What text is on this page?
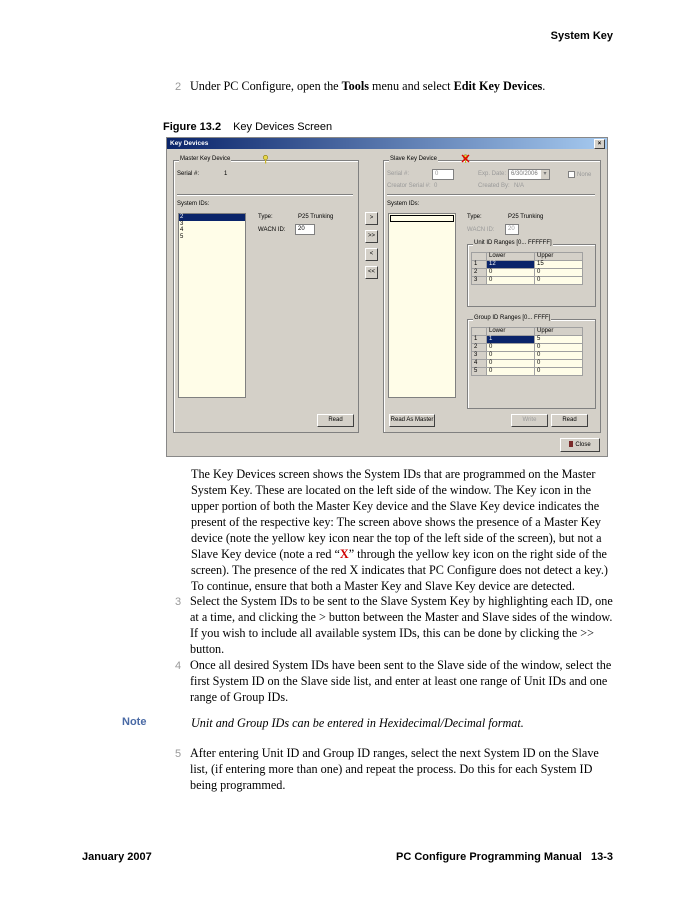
System Key
2 Under PC Configure, open the Tools menu and select Edit Key Devices.
Figure 13.2 Key Devices Screen
Key Devices	×
Master Key Device
Serial #:	1
System IDs:
2
3
4
5
Type:	P25 Trunking
WACN ID:	20
Read
>
>>
<
<<
Slave Key Device
Serial #:	0	Exp. Date: 6/30/2006 ▾	None
Creator Serial #: 0	Created By: N/A
System IDs:
Type:	P25 Trunking
WACN ID:	20
Unit ID Ranges [0... FFFFFF]
	Lower	Upper
1	12	15
2	0	0
3	0	0
Group ID Ranges [0... FFFF]
	Lower	Upper
1	1	5
2	0	0
3	0	0
4	0	0
5	0	0
Read As Master	Write	Read
Close
The Key Devices screen shows the System IDs that are programmed on the Master System Key. These are located on the left side of the window. The Key icon in the upper portion of both the Master Key device and the Slave Key device indicates the present of the respective key: The screen above shows the presence of a Master Key device (note the yellow key icon near the top of the left side of the screen), but not a Slave Key device (note a red “X” through the yellow key icon on the right side of the screen). The presence of the red X indicates that PC Configure does not detect a key.) To continue, ensure that both a Master Key and Slave Key device are detected.
3 Select the System IDs to be sent to the Slave System Key by highlighting each ID, one at a time, and clicking the > button between the Master and Slave sides of the window. If you wish to include all available system IDs, this can be done by clicking the >> button.
4 Once all desired System IDs have been sent to the Slave side of the window, select the first System ID on the Slave side list, and enter at least one range of Unit IDs and one range of Group IDs.
Note	Unit and Group IDs can be entered in Hexidecimal/Decimal format.
5 After entering Unit ID and Group ID ranges, select the next System ID on the Slave list, (if entering more than one) and repeat the process. Do this for each System ID being programmed.
January 2007	PC Configure Programming Manual   13-3
